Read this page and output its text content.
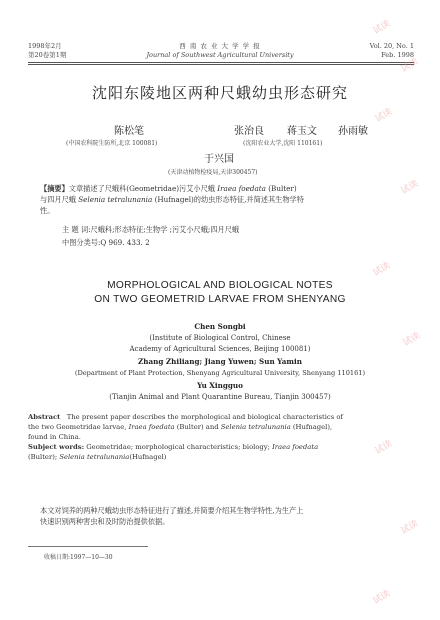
1998年2月
第20卷第1期
西 南 农 业 大 学 学 报
Journal of Southwest Agricultural University
Vol. 20, No. 1
Feb. 1998
沈阳东陵地区两种尺蛾幼虫形态研究
陈松笔	张治良 蒋玉文 孙雨敏
(中国农科院生防所,北京 100081)	(沈阳农业大学,沈阳 110161)
于兴国
(天津动植物检疫局,天津300457)
【摘要】文章描述了尺蛾科(Geometridae)污艾小尺蛾 Iraea foedata (Bulter)
与四月尺蛾 Selenia tetralunania (Hufnagel)的幼虫形态特征,并简述其生物学特
性。
主 题 词:尺蛾科;形态特征;生物学 ;污艾小尺蛾;四月尺蛾
中图分类号:Q 969. 433. 2
MORPHOLOGICAL AND BIOLOGICAL NOTES
ON TWO GEOMETRID LARVAE FROM SHENYANG
Chen Songbi
(Institute of Biological Control, Chinese
Academy of Agricultural Sciences, Beijing 100081)
Zhang Zhiliang; Jiang Yuwen; Sun Yamin
(Department of Plant Protection, Shenyang Agricultural University, Shenyang 110161)
Yu Xingguo
(Tianjin Animal and Plant Quarantine Bureau, Tianjin 300457)
Abstract The present paper describes the morphological and biological characteristics of
the two Geometridae larvae, Iraea foedata (Bulter) and Selenia tetralunania (Hufnagel),
found in China.
Subject words: Geometridae; morphological characteristics; biology; Iraea foedata
(Bulter); Selenia tetralunania(Hufnagel)
本文对饲养的两种尺蛾幼虫形态特征进行了描述,并简要介绍其生物学特性,为生产上
快速识别两种害虫和及时防治提供依据。
收稿日期:1997—10—30
试读
试读
试读
试读
试读
试读
试读
试读
试读
